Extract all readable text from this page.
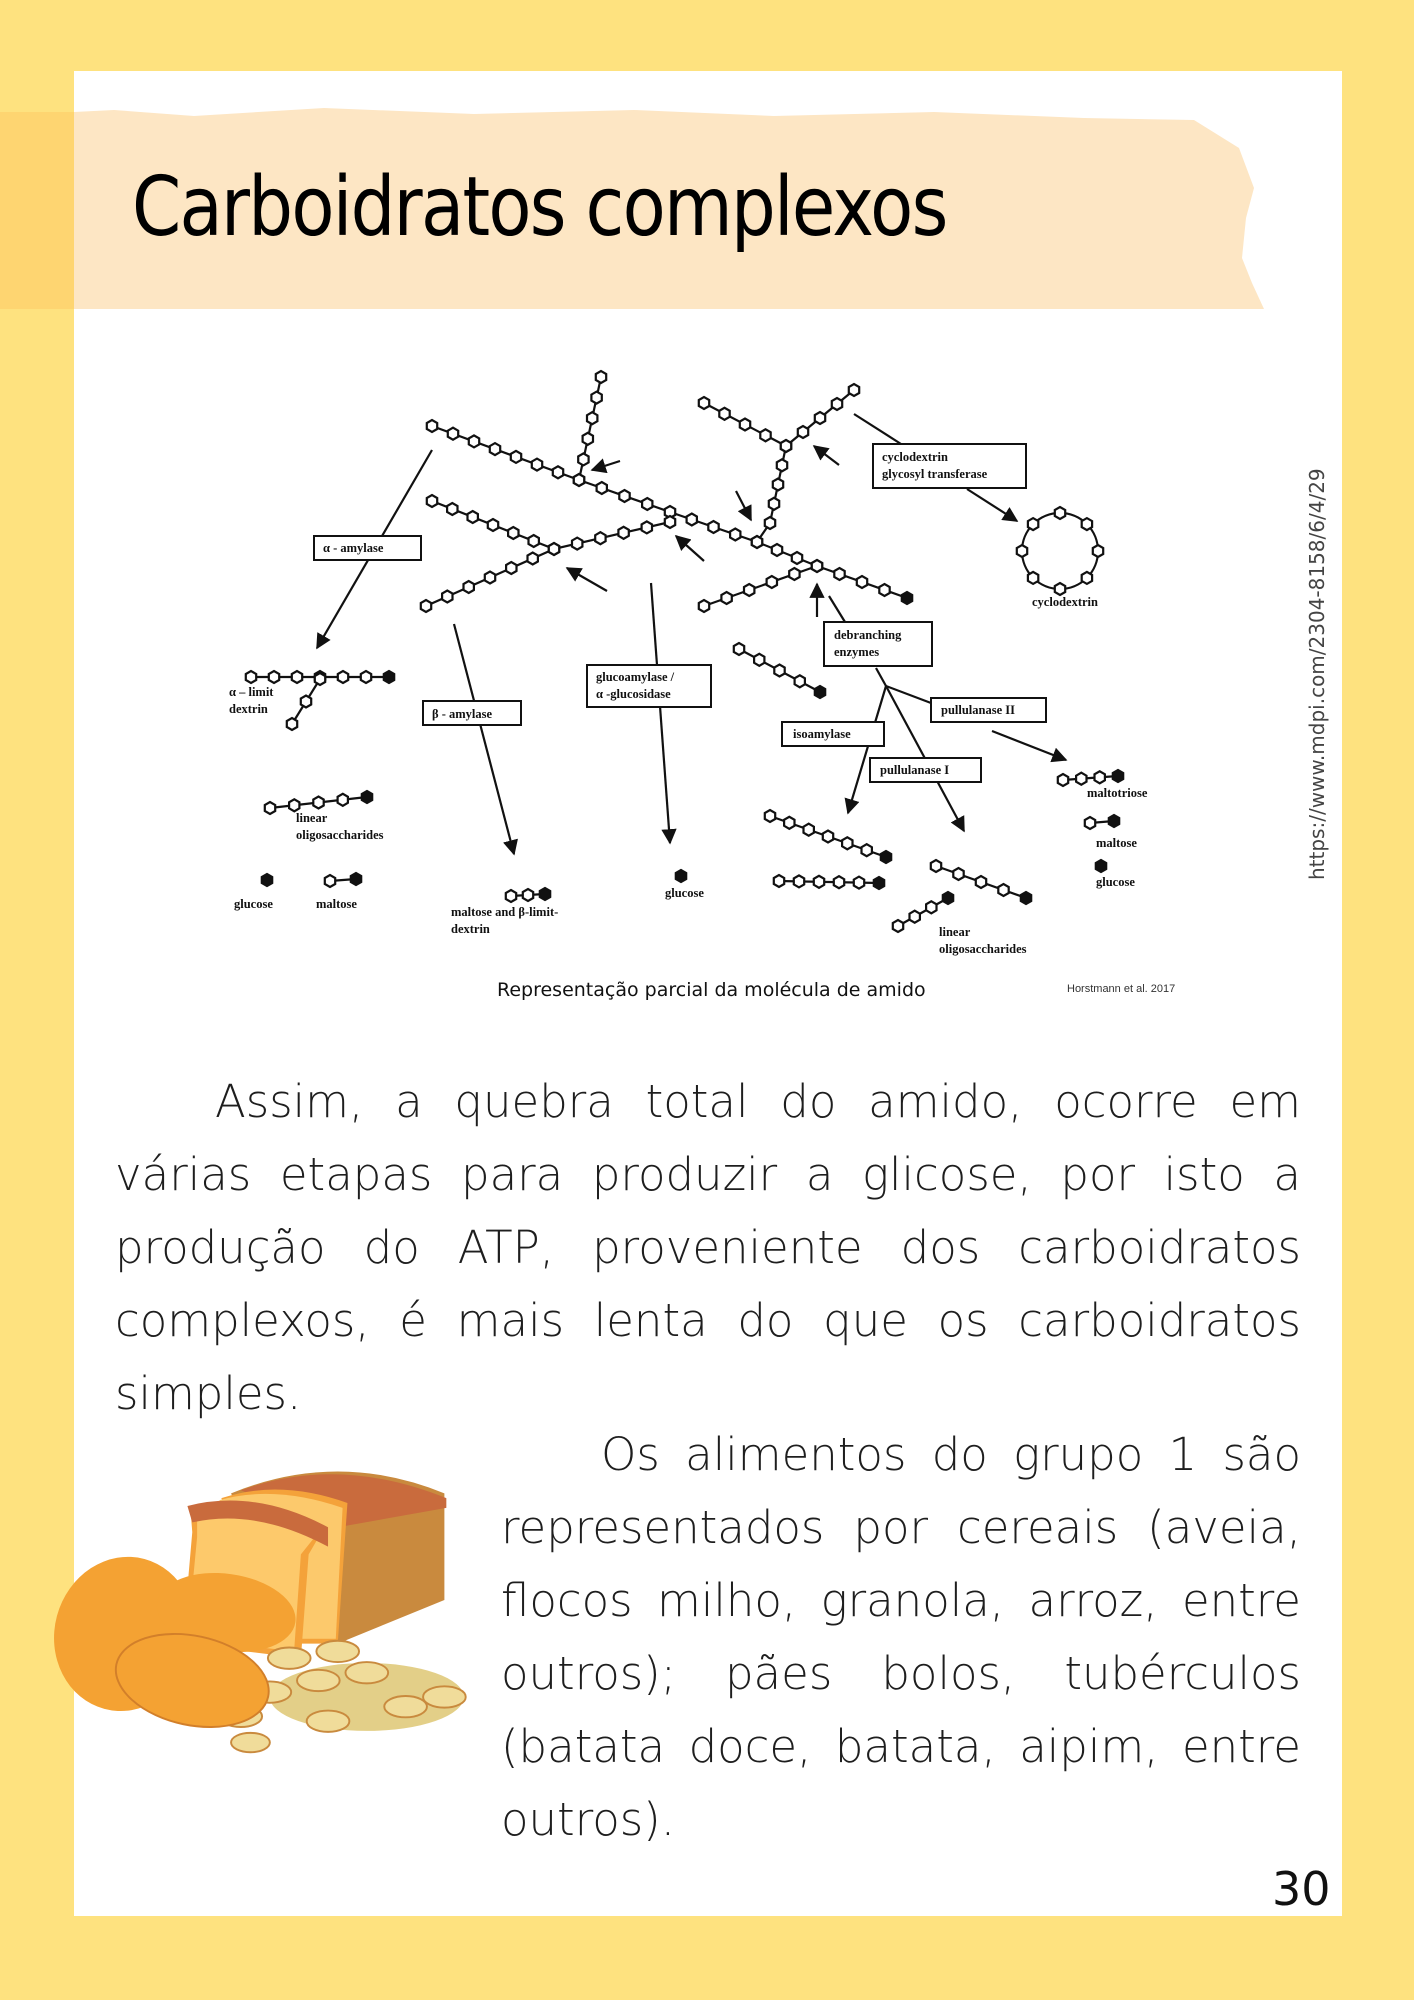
Carboidratos complexos
cyclodextrin
glycosyl transferase
α - amylase
debranching
enzymes
glucoamylase /
α -glucosidase
β - amylase	pullulanase II
isoamylase
pullulanase I
cyclodextrin
α – limit
dextrin
linear
oligosaccharides
glucose	maltose
maltose and β-limit-
dextrin
glucose
maltotriose
maltose
glucose
linear
oligosaccharides
Representação parcial da molécula de amido	Horstmann et al. 2017
https://www.mdpi.com/2304-8158/6/4/29
Assim, a quebra total do amido, ocorre em
várias etapas para produzir a glicose, por isto a
produção do ATP, proveniente dos carboidratos
complexos, é mais lenta do que os carboidratos
simples.
Os alimentos do grupo 1 são
representados por cereais (aveia,
flocos milho, granola, arroz, entre
outros); pães bolos, tubérculos
(batata doce, batata, aipim, entre
outros).
30
